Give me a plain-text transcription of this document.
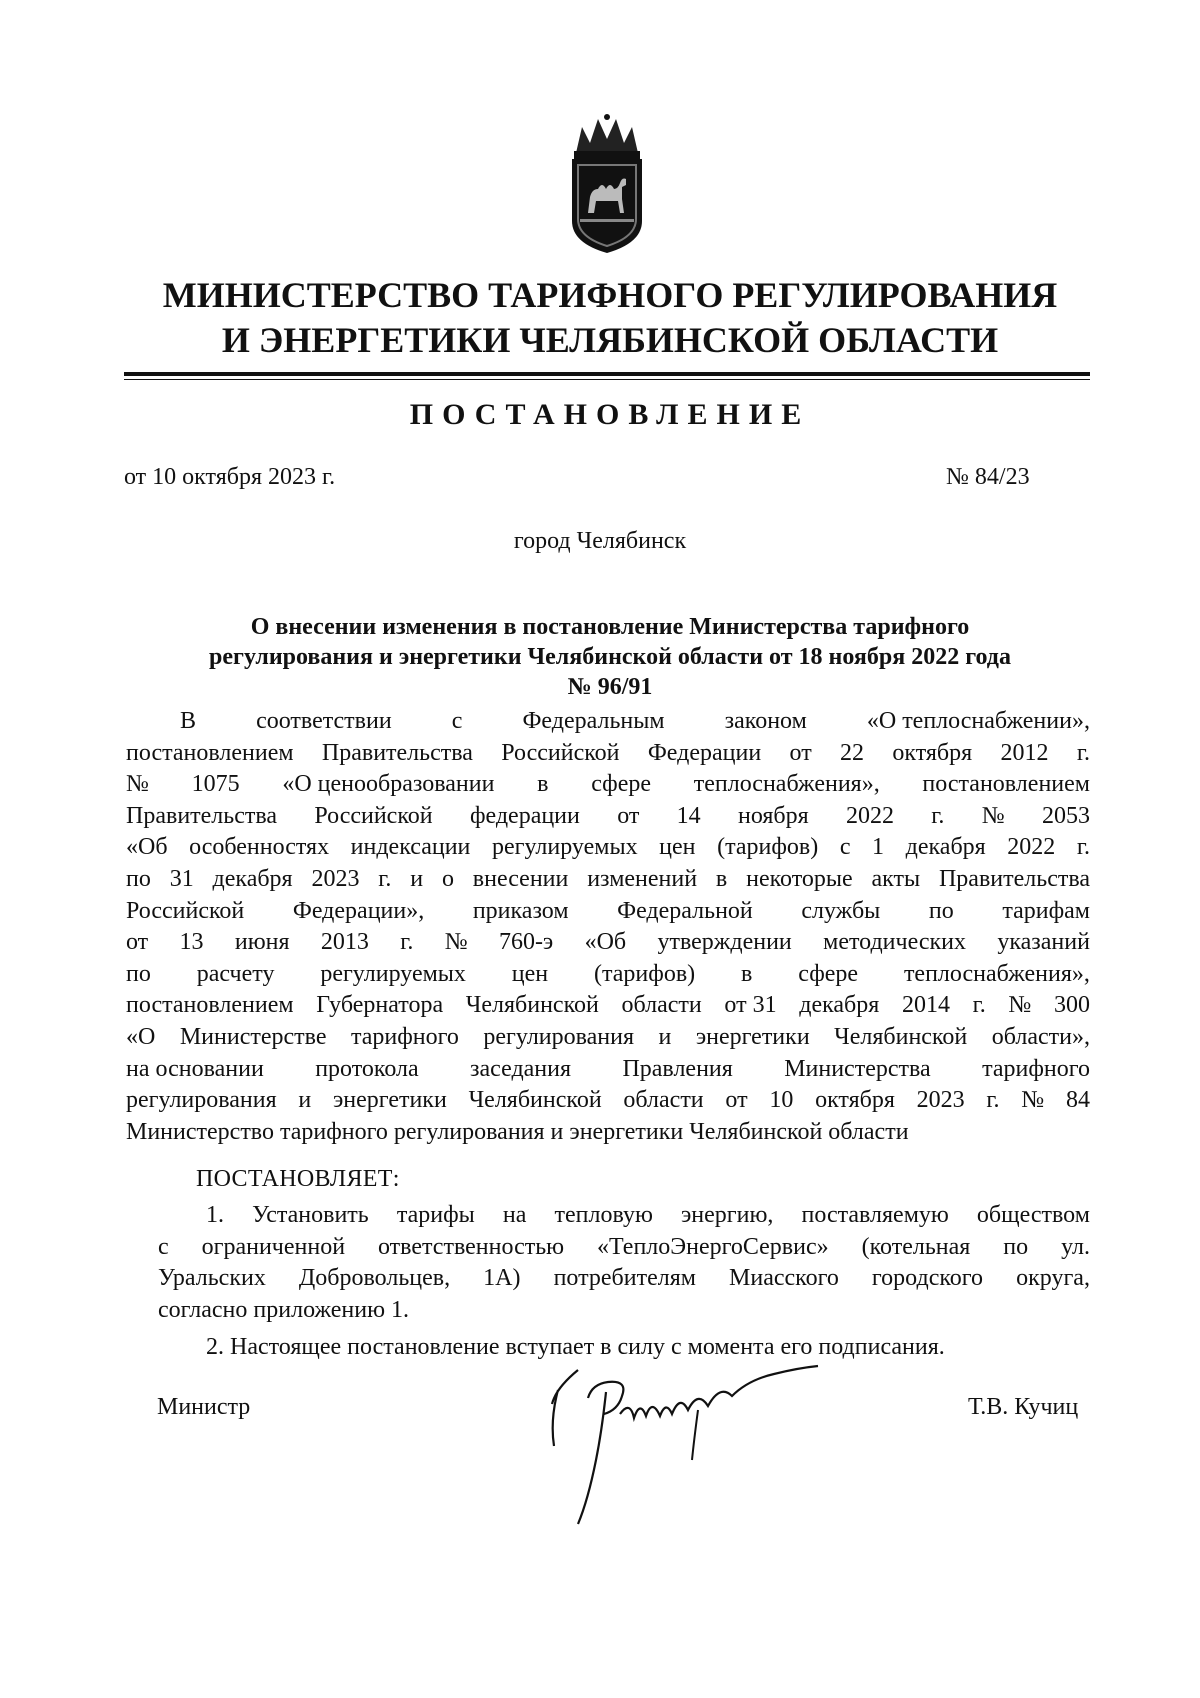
МИНИСТЕРСТВО ТАРИФНОГО РЕГУЛИРОВАНИЯ
И ЭНЕРГЕТИКИ ЧЕЛЯБИНСКОЙ ОБЛАСТИ
ПОСТАНОВЛЕНИЕ
от 10 октября 2023 г.	№ 84/23
город Челябинск
О внесении изменения в постановление Министерства тарифного
регулирования и энергетики Челябинской области от 18 ноября 2022 года
№ 96/91
В	соответствии	с	Федеральным	законом	«О теплоснабжении»,
постановлением Правительства Российской Федерации от 22 октября 2012 г.
№ 1075 «О ценообразовании в сфере теплоснабжения», постановлением
Правительства Российской федерации от 14 ноября 2022 г. № 2053
«Об особенностях индексации регулируемых цен (тарифов) с 1 декабря 2022 г.
по 31 декабря 2023 г. и о внесении изменений в некоторые акты Правительства
Российской Федерации», приказом Федеральной службы по тарифам
от 13 июня 2013 г. № 760-э «Об утверждении методических указаний
по расчету регулируемых цен (тарифов) в сфере теплоснабжения»,
постановлением Губернатора Челябинской области от 31 декабря 2014 г. № 300
«О Министерстве тарифного регулирования и энергетики Челябинской области»,
на основании протокола заседания Правления Министерства тарифного
регулирования и энергетики Челябинской области от 10 октября 2023 г. № 84
Министерство тарифного регулирования и энергетики Челябинской области
ПОСТАНОВЛЯЕТ:
1. Установить тарифы на тепловую энергию, поставляемую обществом
с ограниченной ответственностью «ТеплоЭнергоСервис» (котельная по ул.
Уральских Добровольцев, 1А) потребителям Миасского городского округа,
согласно приложению 1.
2. Настоящее постановление вступает в силу с момента его подписания.
Министр	Т.В. Кучиц
